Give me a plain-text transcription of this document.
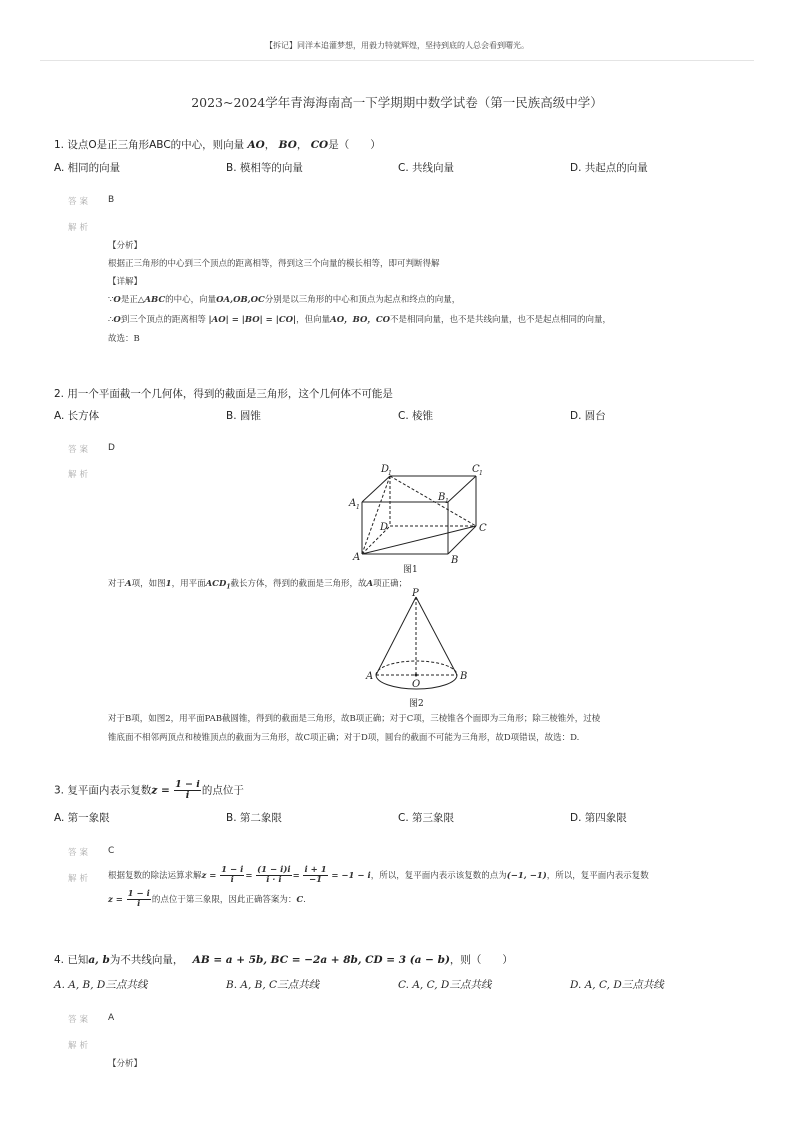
【拆记】同洋本追灌梦想，用毅力特就辉煌，坚持到底的人总会看到曙光。
2023~2024学年青海海南高一下学期期中数学试卷（第一民族高级中学）
1. 设点O是正三角形ABC的中心，则向量 AO， BO， CO是（　　）
A. 相同的向量	B. 模相等的向量	C. 共线向量	D. 共起点的向量
答案 B
解析
【分析】
根据正三角形的中心到三个顶点的距离相等，得到这三个向量的模长相等，即可判断得解
【详解】
∵O是正△ABC的中心，向量OA,OB,OC分别是以三角形的中心和顶点为起点和终点的向量，
∴O到三个顶点的距离相等 |AO| = |BO| = |CO|，但向量AO，BO，CO不是相同向量，也不是共线向量，也不是起点相同的向量，
故选：B
2. 用一个平面截一个几何体，得到的截面是三角形，这个几何体不可能是
A. 长方体	B. 圆锥	C. 棱锥	D. 圆台
答案 D
解析
A	B
C
D
A 1
B 1
C 1
D
1
图1
对于A项，如图1，用平面$ACD_1$截长方体，得到的截面是三角形，故A项正确；
P
A	B
O
图2
对于B项，如图2，用平面PAB截圆锥，得到的截面是三角形，故B项正确；对于C项，三棱锥各个面即为三角形；除三棱锥外，过棱
锥底面不相邻两顶点和棱锥顶点的截面为三角形，故C项正确；对于D项，圆台的截面不可能为三角形，故D项错误，故选：D.
3. 复平面内表示复数$z = \frac{1 - i}{i}$ 的点位于
A. 第一象限	B. 第二象限	C. 第三象限	D. 第四象限
答案 C
解析 根据复数的除法运算求解$z = \frac{1 - i}{i} = \frac{(1 - i)i}{i \cdot i} = \frac{i + 1}{-1} = -1 - i$，所以，复平面内表示该复数的点为(−1, −1)，所以，复平面内表示复数
$z = \frac{1 - i}{i}$ 的点位于第三象限，因此正确答案为：C.
4. 已知a, b为不共线向量， AB = a + 5b, BC = −2a + 8b, CD = 3 (a − b)，则（　　）
A. A, B, D三点共线	B. A, B, C三点共线	C. A, C, D三点共线	D. A, C, D三点共线
答案 A
解析
【分析】
